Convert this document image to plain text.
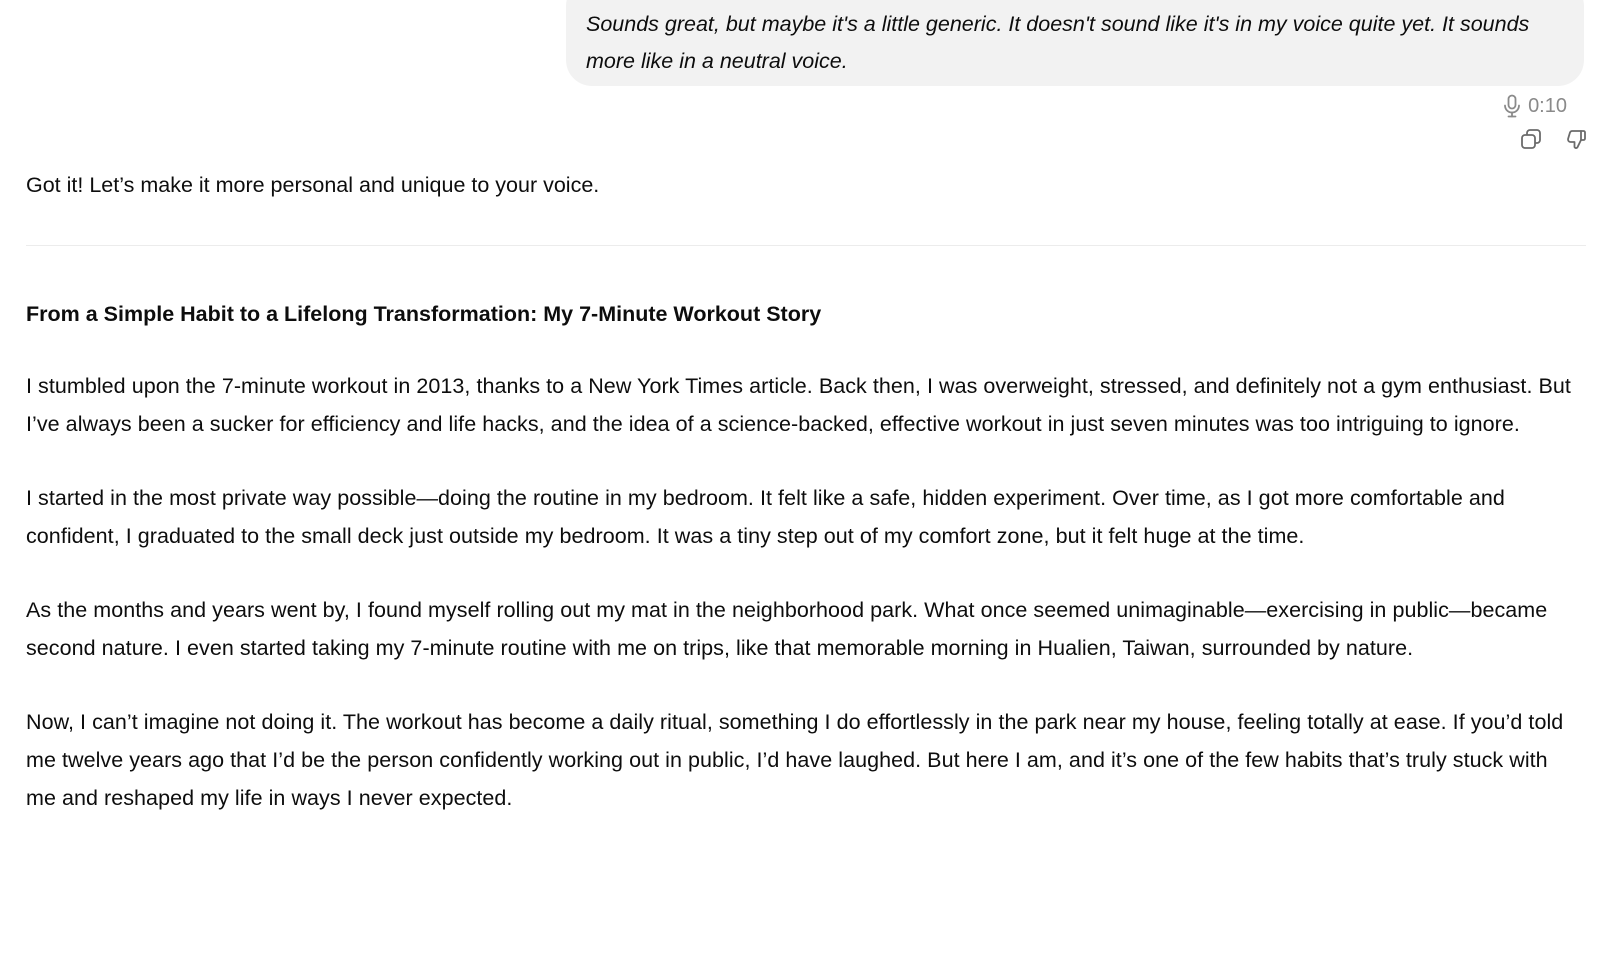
Sounds great, but maybe it's a little generic. It doesn't sound like it's in my voice quite yet. It sounds more like in a neutral voice.
0:10

Got it! Let’s make it more personal and unique to your voice.

From a Simple Habit to a Lifelong Transformation: My 7-Minute Workout Story

I stumbled upon the 7-minute workout in 2013, thanks to a New York Times article. Back then, I was overweight, stressed, and definitely not a gym enthusiast. But I’ve always been a sucker for efficiency and life hacks, and the idea of a science-backed, effective workout in just seven minutes was too intriguing to ignore.

I started in the most private way possible—doing the routine in my bedroom. It felt like a safe, hidden experiment. Over time, as I got more comfortable and confident, I graduated to the small deck just outside my bedroom. It was a tiny step out of my comfort zone, but it felt huge at the time.

As the months and years went by, I found myself rolling out my mat in the neighborhood park. What once seemed unimaginable—exercising in public—became second nature. I even started taking my 7-minute routine with me on trips, like that memorable morning in Hualien, Taiwan, surrounded by nature.

Now, I can’t imagine not doing it. The workout has become a daily ritual, something I do effortlessly in the park near my house, feeling totally at ease. If you’d told me twelve years ago that I’d be the person confidently working out in public, I’d have laughed. But here I am, and it’s one of the few habits that’s truly stuck with me and reshaped my life in ways I never expected.
